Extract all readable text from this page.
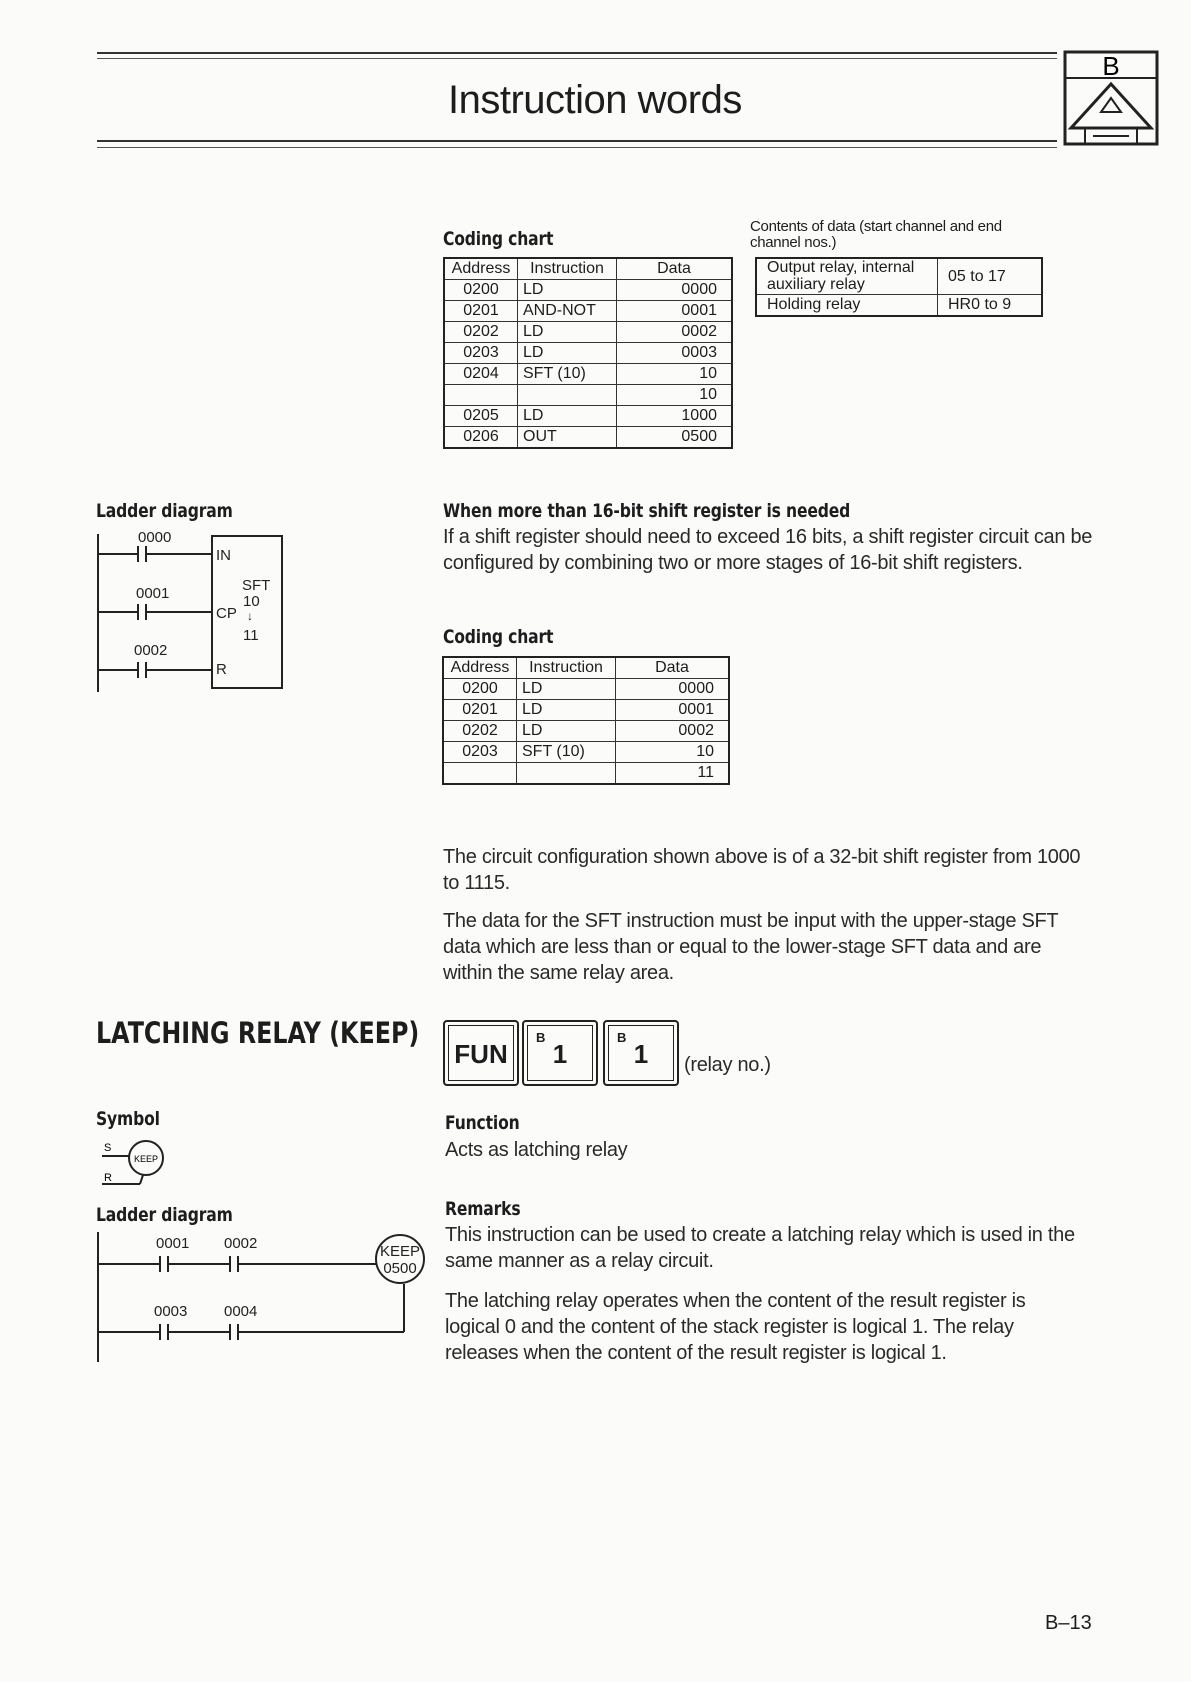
Instruction words
B
Coding chart
Address	Instruction	Data
0200	LD	0000
0201	AND-NOT	0001
0202	LD	0002
0203	LD	0003
0204	SFT (10)	10
		10
0205	LD	1000
0206	OUT	0500
Contents of data (start channel and end channel nos.)
Output relay, internal auxiliary relay	05 to 17
Holding relay	HR0 to 9
Ladder diagram
0000
0001
0002
IN
CP
R
SFT
10
↓
11
When more than 16-bit shift register is needed
If a shift register should need to exceed 16 bits, a shift register circuit can be configured by combining two or more stages of 16-bit shift registers.
Coding chart
Address	Instruction	Data
0200	LD	0000
0201	LD	0001
0202	LD	0002
0203	SFT (10)	10
		11
The circuit configuration shown above is of a 32-bit shift register from 1000 to 1115.
The data for the SFT instruction must be input with the upper-stage SFT data which are less than or equal to the lower-stage SFT data and are within the same relay area.
LATCHING RELAY (KEEP)
FUN
B
1
B
1	(relay no.)
Symbol
S
R
KEEP
Ladder diagram
0001 0002
0003 0004
KEEP
0500
Function
Acts as latching relay
Remarks
This instruction can be used to create a latching relay which is used in the same manner as a relay circuit.
The latching relay operates when the content of the result register is logical 0 and the content of the stack register is logical 1. The relay releases when the content of the result register is logical 1.
B–13
